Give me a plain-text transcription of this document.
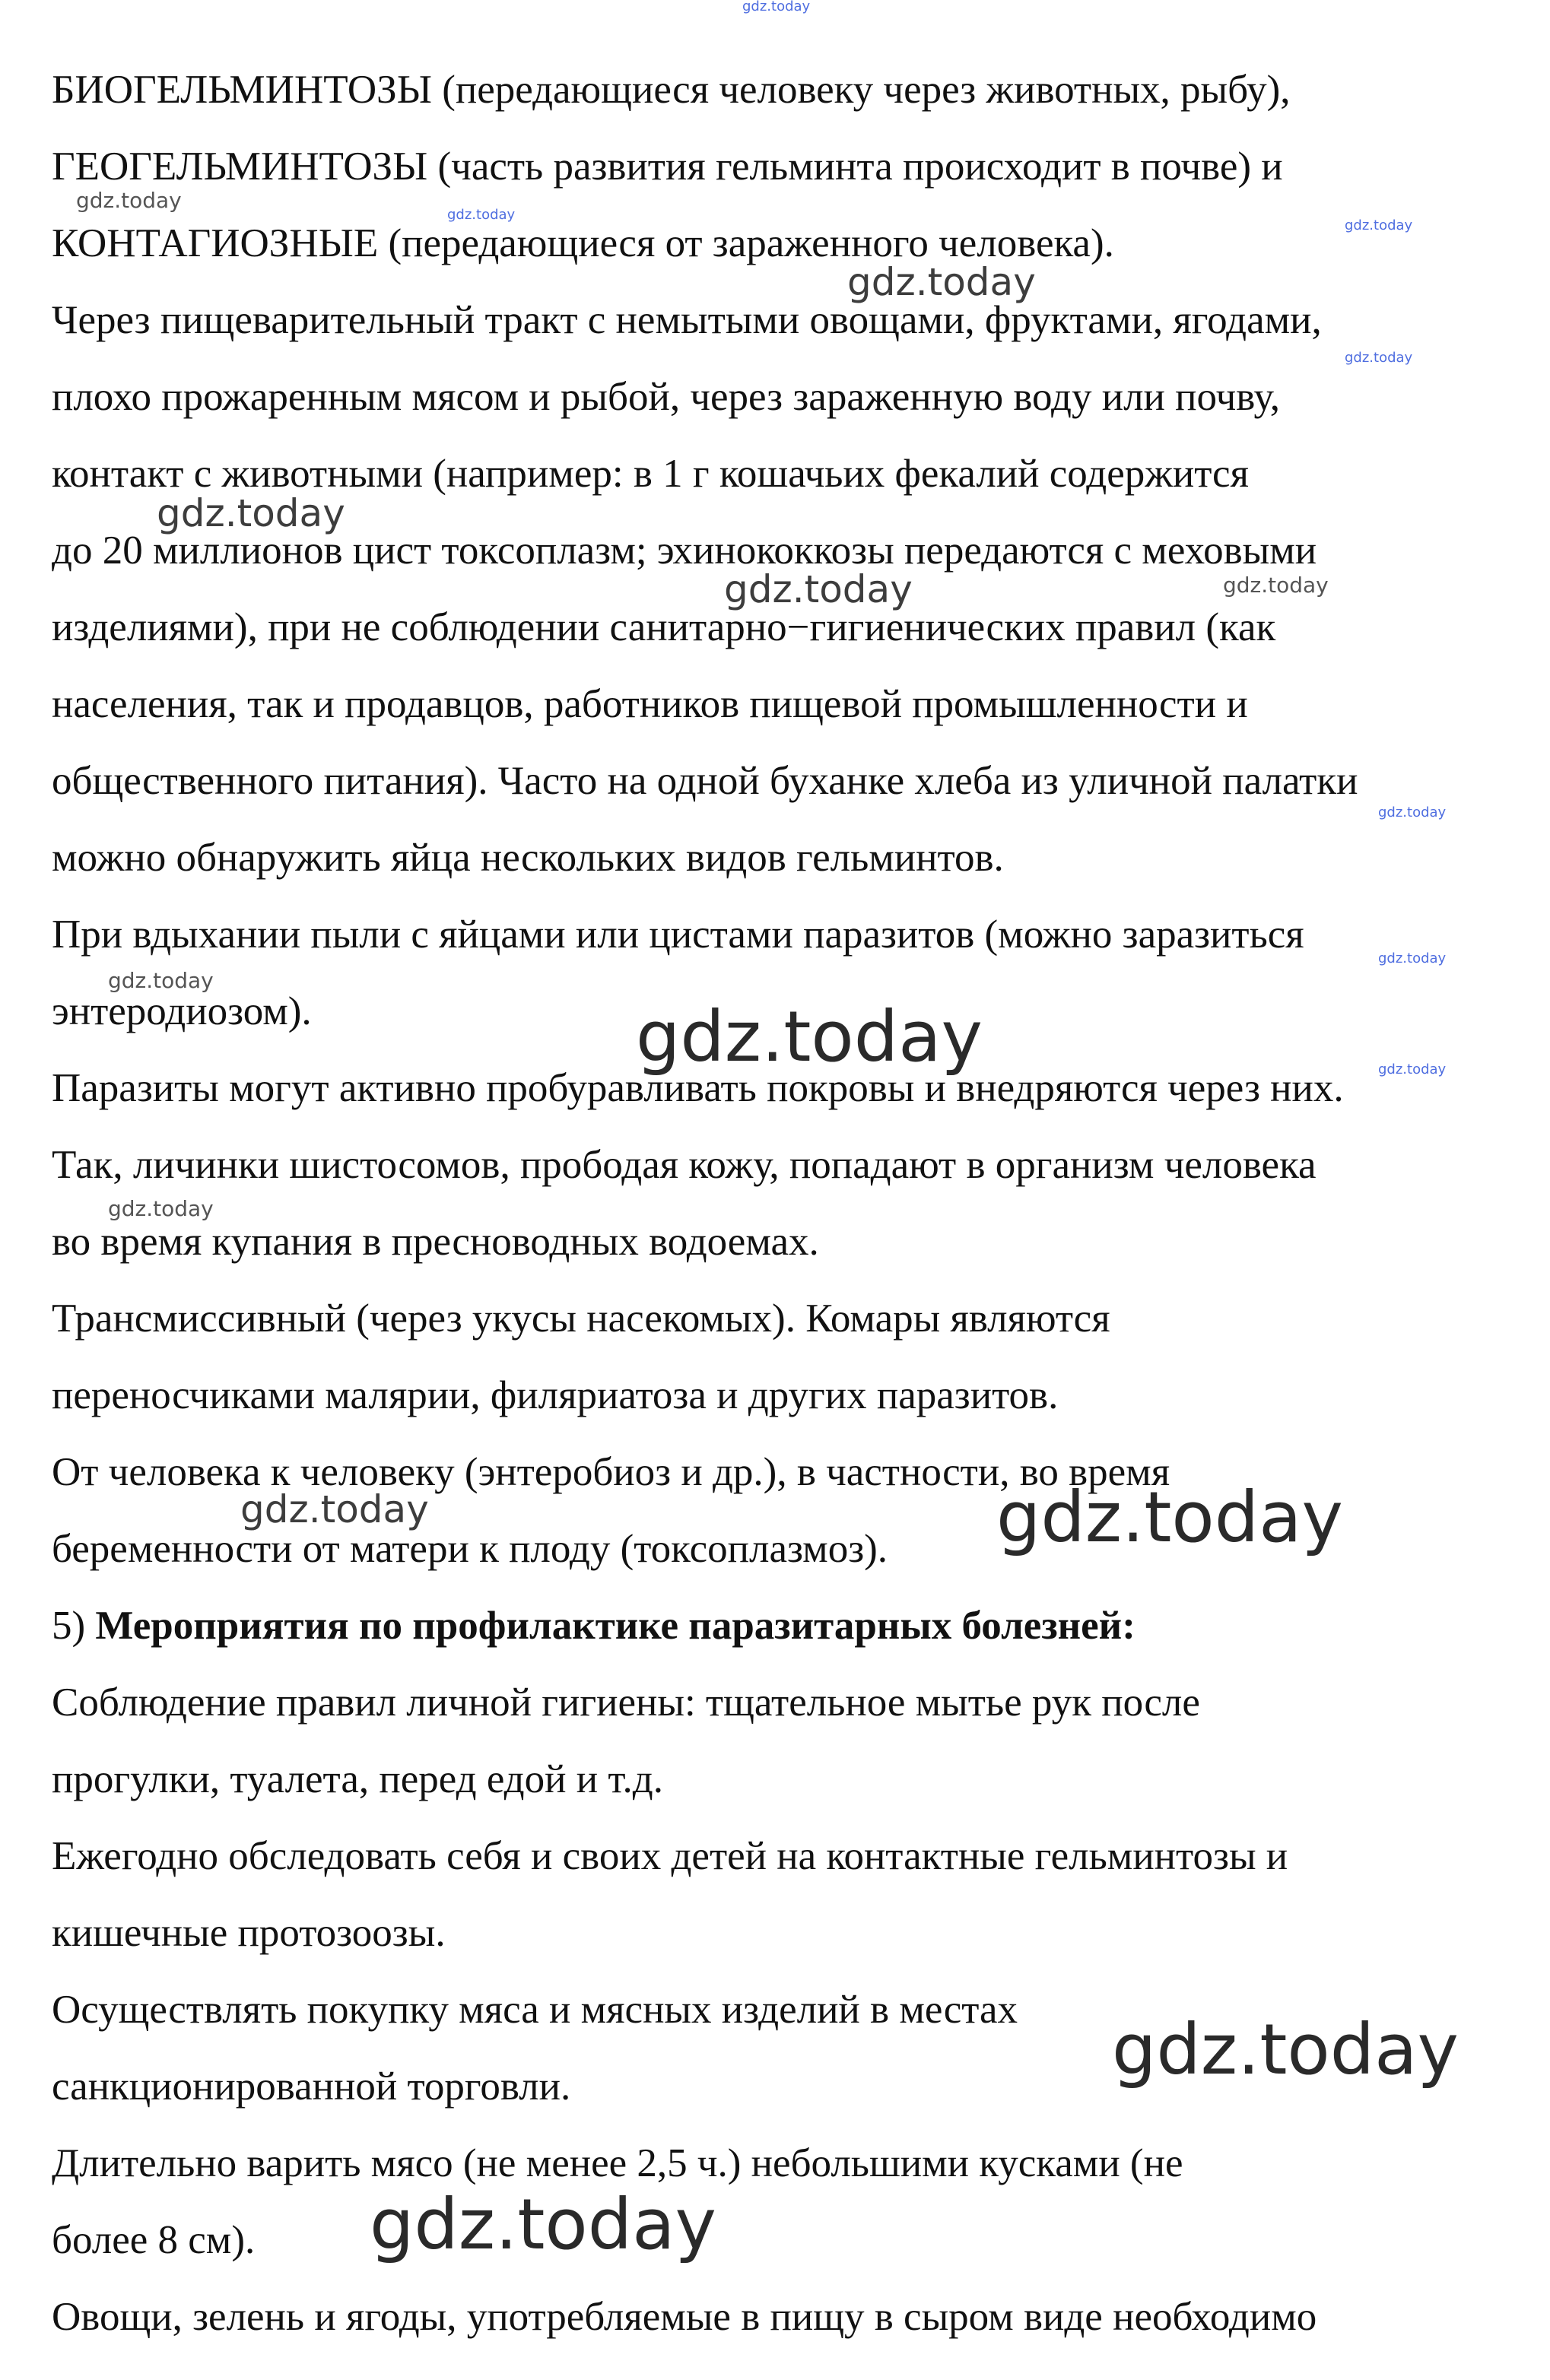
БИОГЕЛЬМИНТОЗЫ (передающиеся человеку через животных, рыбу),
ГЕОГЕЛЬМИНТОЗЫ (часть развития гельминта происходит в почве) и
КОНТАГИОЗНЫЕ (передающиеся от зараженного человека).
Через пищеварительный тракт с немытыми овощами, фруктами, ягодами,
плохо прожаренным мясом и рыбой, через зараженную воду или почву,
контакт с животными (например: в 1 г кошачьих фекалий содержится
до 20 миллионов цист токсоплазм; эхинококкозы передаются с меховыми
изделиями), при не соблюдении санитарно−гигиенических правил (как
населения, так и продавцов, работников пищевой промышленности и
общественного питания). Часто на одной буханке хлеба из уличной палатки
можно обнаружить яйца нескольких видов гельминтов.
При вдыхании пыли с яйцами или цистами паразитов (можно заразиться
энтеродиозом).
Паразиты могут активно пробуравливать покровы и внедряются через них.
Так, личинки шистосомов, прободая кожу, попадают в организм человека
во время купания в пресноводных водоемах.
Трансмиссивный (через укусы насекомых). Комары являются
переносчиками малярии, филяриатоза и других паразитов.
От человека к человеку (энтеробиоз и др.), в частности, во время
беременности от матери к плоду (токсоплазмоз).
5) Мероприятия по профилактике паразитарных болезней:
Соблюдение правил личной гигиены: тщательное мытье рук после
прогулки, туалета, перед едой и т.д.
Ежегодно обследовать себя и своих детей на контактные гельминтозы и
кишечные протозоозы.
Осуществлять покупку мяса и мясных изделий в местах
санкционированной торговли.
Длительно варить мясо (не менее 2,5 ч.) небольшими кусками (не
более 8 см).
Овощи, зелень и ягоды, употребляемые в пищу в сыром виде необходимо
gdz.today
gdz.today
gdz.today
gdz.today
gdz.today
gdz.today
gdz.today
gdz.today	gdz.today
gdz.today
gdz.today
gdz.today
gdz.today	gdz.today
gdz.today
gdz.today	gdz.today
gdz.today
gdz.today
